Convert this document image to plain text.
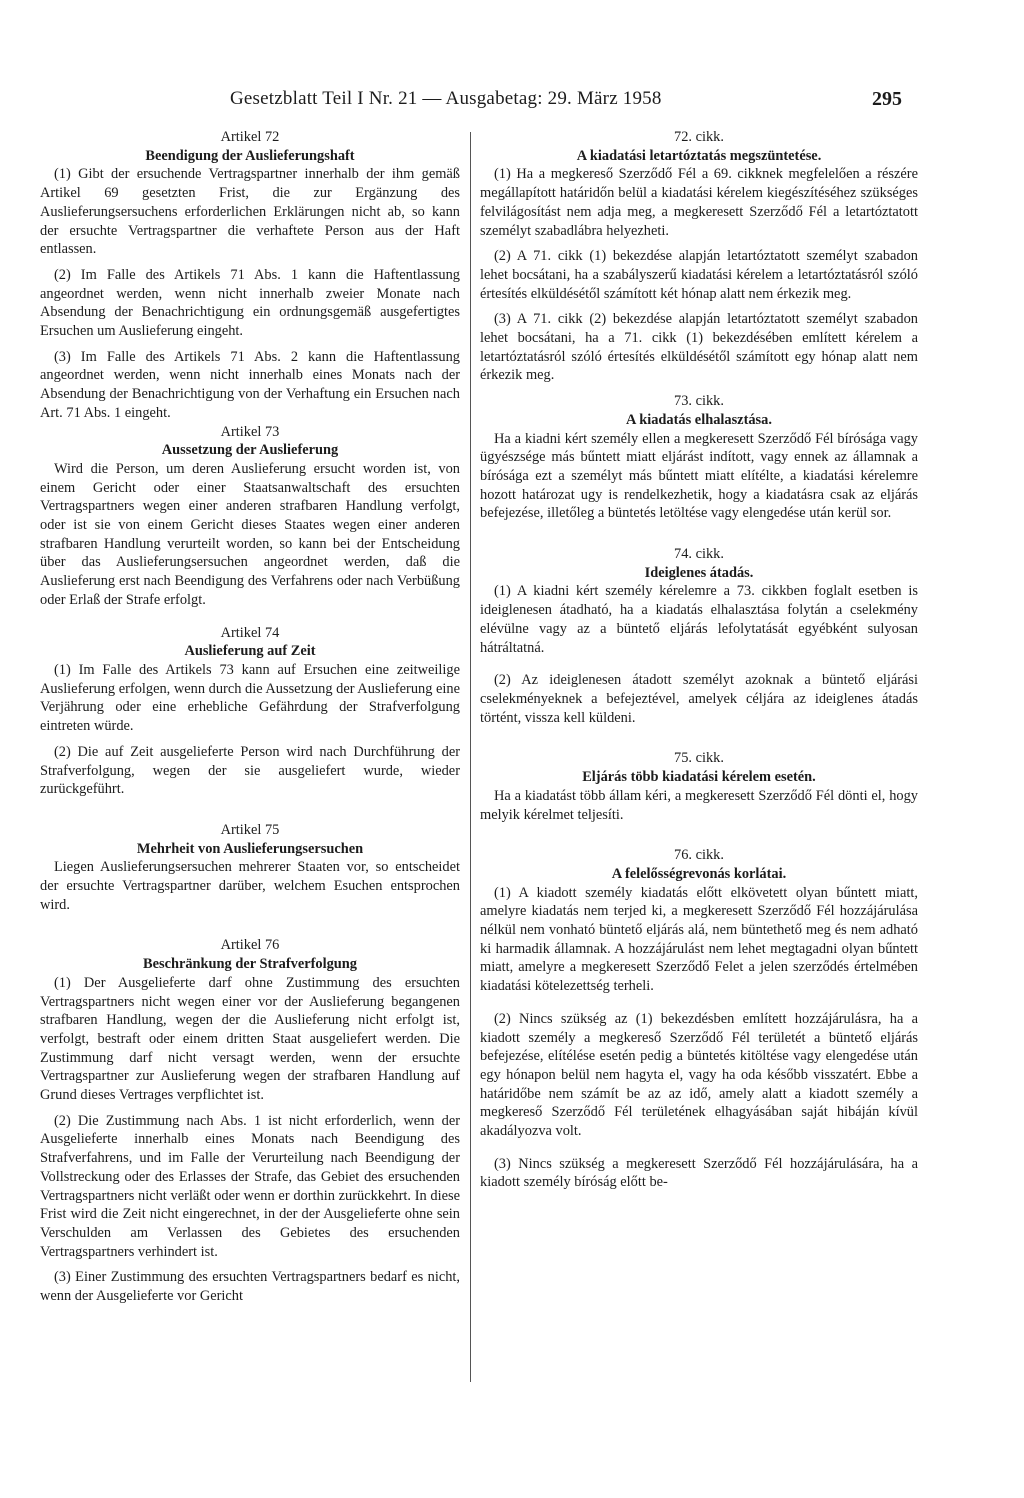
Gesetzblatt Teil I Nr. 21 — Ausgabetag: 29. März 1958	295
Artikel 72
Beendigung der Auslieferungshaft

(1) Gibt der ersuchende Vertragspartner innerhalb der ihm gemäß Artikel 69 gesetzten Frist, die zur Ergänzung des Auslieferungsersuchens erforderlichen Erklärungen nicht ab, so kann der ersuchte Vertragspartner die verhaftete Person aus der Haft entlassen.

(2) Im Falle des Artikels 71 Abs. 1 kann die Haftentlassung angeordnet werden, wenn nicht innerhalb zweier Monate nach Absendung der Benachrichtigung ein ordnungsgemäß ausgefertigtes Ersuchen um Auslieferung eingeht.

(3) Im Falle des Artikels 71 Abs. 2 kann die Haftentlassung angeordnet werden, wenn nicht innerhalb eines Monats nach der Absendung der Benachrichtigung von der Verhaftung ein Ersuchen nach Art. 71 Abs. 1 eingeht.

Artikel 73
Aussetzung der Auslieferung

Wird die Person, um deren Auslieferung ersucht worden ist, von einem Gericht oder einer Staatsanwaltschaft des ersuchten Vertragspartners wegen einer anderen strafbaren Handlung verfolgt, oder ist sie von einem Gericht dieses Staates wegen einer anderen strafbaren Handlung verurteilt worden, so kann bei der Entscheidung über das Auslieferungsersuchen angeordnet werden, daß die Auslieferung erst nach Beendigung des Verfahrens oder nach Verbüßung oder Erlaß der Strafe erfolgt.

Artikel 74
Auslieferung auf Zeit

(1) Im Falle des Artikels 73 kann auf Ersuchen eine zeitweilige Auslieferung erfolgen, wenn durch die Aussetzung der Auslieferung eine Verjährung oder eine erhebliche Gefährdung der Strafverfolgung eintreten würde.

(2) Die auf Zeit ausgelieferte Person wird nach Durchführung der Strafverfolgung, wegen der sie ausgeliefert wurde, wieder zurückgeführt.

Artikel 75
Mehrheit von Auslieferungsersuchen

Liegen Auslieferungsersuchen mehrerer Staaten vor, so entscheidet der ersuchte Vertragspartner darüber, welchem Esuchen entsprochen wird.

Artikel 76
Beschränkung der Strafverfolgung

(1) Der Ausgelieferte darf ohne Zustimmung des ersuchten Vertragspartners nicht wegen einer vor der Auslieferung begangenen strafbaren Handlung, wegen der die Auslieferung nicht erfolgt ist, verfolgt, bestraft oder einem dritten Staat ausgeliefert werden. Die Zustimmung darf nicht versagt werden, wenn der ersuchte Vertragspartner zur Auslieferung wegen der strafbaren Handlung auf Grund dieses Vertrages verpflichtet ist.

(2) Die Zustimmung nach Abs. 1 ist nicht erforderlich, wenn der Ausgelieferte innerhalb eines Monats nach Beendigung des Strafverfahrens, und im Falle der Verurteilung nach Beendigung der Vollstreckung oder des Erlasses der Strafe, das Gebiet des ersuchenden Vertragspartners nicht verläßt oder wenn er dorthin zurückkehrt. In diese Frist wird die Zeit nicht eingerechnet, in der der Ausgelieferte ohne sein Verschulden am Verlassen des Gebietes des ersuchenden Vertragspartners verhindert ist.

(3) Einer Zustimmung des ersuchten Vertragspartners bedarf es nicht, wenn der Ausgelieferte vor Gericht

72. cikk.
A kiadatási letartóztatás megszüntetése.

(1) Ha a megkereső Szerződő Fél a 69. cikknek megfelelően a részére megállapított határidőn belül a kiadatási kérelem kiegészítéséhez szükséges felvilágosítást nem adja meg, a megkeresett Szerződő Fél a letartóztatott személyt szabadlábra helyezheti.

(2) A 71. cikk (1) bekezdése alapján letartóztatott személyt szabadon lehet bocsátani, ha a szabályszerű kiadatási kérelem a letartóztatásról szóló értesítés elküldésétől számított két hónap alatt nem érkezik meg.

(3) A 71. cikk (2) bekezdése alapján letartóztatott személyt szabadon lehet bocsátani, ha a 71. cikk (1) bekezdésében említett kérelem a letartóztatásról szóló értesítés elküldésétől számított egy hónap alatt nem érkezik meg.

73. cikk.
A kiadatás elhalasztása.

Ha a kiadni kért személy ellen a megkeresett Szerződő Fél bírósága vagy ügyészsége más bűntett miatt eljárást indított, vagy ennek az államnak a bírósága ezt a személyt más bűntett miatt elítélte, a kiadatási kérelemre hozott határozat ugy is rendelkezhetik, hogy a kiadatásra csak az eljárás befejezése, illetőleg a büntetés letöltése vagy elengedése után kerül sor.

74. cikk.
Ideiglenes átadás.

(1) A kiadni kért személy kérelemre a 73. cikkben foglalt esetben is ideiglenesen átadható, ha a kiadatás elhalasztása folytán a cselekmény elévülne vagy az a büntető eljárás lefolytatását egyébként sulyosan hátráltatná.

(2) Az ideiglenesen átadott személyt azoknak a büntető eljárási cselekményeknek a befejeztével, amelyek céljára az ideiglenes átadás történt, vissza kell küldeni.

75. cikk.
Eljárás több kiadatási kérelem esetén.

Ha a kiadatást több állam kéri, a megkeresett Szerződő Fél dönti el, hogy melyik kérelmet teljesíti.

76. cikk.
A felelősségrevonás korlátai.

(1) A kiadott személy kiadatás előtt elkövetett olyan bűntett miatt, amelyre kiadatás nem terjed ki, a megkeresett Szerződő Fél hozzájárulása nélkül nem vonható büntető eljárás alá, nem büntethető meg és nem adható ki harmadik államnak. A hozzájárulást nem lehet megtagadni olyan bűntett miatt, amelyre a megkeresett Szerződő Felet a jelen szerződés értelmében kiadatási kötelezettség terheli.

(2) Nincs szükség az (1) bekezdésben említett hozzájárulásra, ha a kiadott személy a megkereső Szerződő Fél területét a büntető eljárás befejezése, elítélése esetén pedig a büntetés kitöltése vagy elengedése után egy hónapon belül nem hagyta el, vagy ha oda később visszatért. Ebbe a határidőbe nem számít be az az idő, amely alatt a kiadott személy a megkereső Szerződő Fél területének elhagyásában saját hibáján kívül akadályozva volt.

(3) Nincs szükség a megkeresett Szerződő Fél hozzájárulására, ha a kiadott személy bíróság előtt be-
